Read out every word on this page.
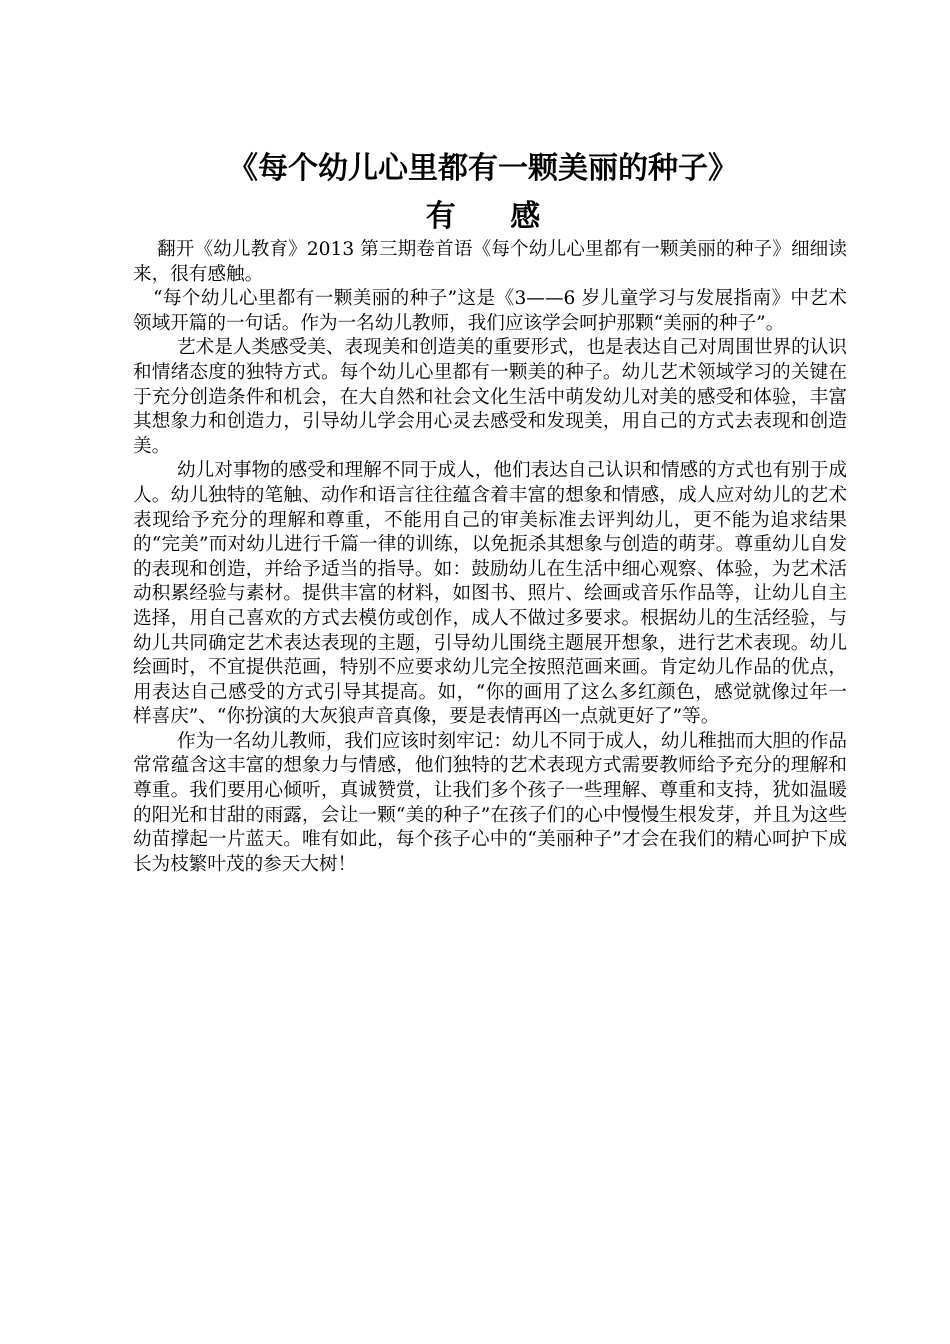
《每个幼儿心里都有一颗美丽的种子》
有 感

翻开《幼儿教育》2013 第三期卷首语《每个幼儿心里都有一颗美丽的种子》细细读来，很有感触。

“每个幼儿心里都有一颗美丽的种子”这是《3——6 岁儿童学习与发展指南》中艺术领域开篇的一句话。作为一名幼儿教师，我们应该学会呵护那颗“美丽的种子”。

艺术是人类感受美、表现美和创造美的重要形式，也是表达自己对周围世界的认识和情绪态度的独特方式。每个幼儿心里都有一颗美的种子。幼儿艺术领域学习的关键在于充分创造条件和机会，在大自然和社会文化生活中萌发幼儿对美的感受和体验，丰富其想象力和创造力，引导幼儿学会用心灵去感受和发现美，用自己的方式去表现和创造美。

幼儿对事物的感受和理解不同于成人，他们表达自己认识和情感的方式也有别于成人。幼儿独特的笔触、动作和语言往往蕴含着丰富的想象和情感，成人应对幼儿的艺术表现给予充分的理解和尊重，不能用自己的审美标准去评判幼儿，更不能为追求结果的“完美”而对幼儿进行千篇一律的训练，以免扼杀其想象与创造的萌芽。尊重幼儿自发的表现和创造，并给予适当的指导。如：鼓励幼儿在生活中细心观察、体验，为艺术活动积累经验与素材。提供丰富的材料，如图书、照片、绘画或音乐作品等，让幼儿自主选择，用自己喜欢的方式去模仿或创作，成人不做过多要求。根据幼儿的生活经验，与幼儿共同确定艺术表达表现的主题，引导幼儿围绕主题展开想象，进行艺术表现。幼儿绘画时，不宜提供范画，特别不应要求幼儿完全按照范画来画。肯定幼儿作品的优点，用表达自己感受的方式引导其提高。如，“你的画用了这么多红颜色，感觉就像过年一样喜庆”、“你扮演的大灰狼声音真像，要是表情再凶一点就更好了”等。

作为一名幼儿教师，我们应该时刻牢记：幼儿不同于成人，幼儿稚拙而大胆的作品常常蕴含这丰富的想象力与情感，他们独特的艺术表现方式需要教师给予充分的理解和尊重。我们要用心倾听，真诚赞赏，让我们多个孩子一些理解、尊重和支持，犹如温暖的阳光和甘甜的雨露，会让一颗“美的种子”在孩子们的心中慢慢生根发芽，并且为这些幼苗撑起一片蓝天。唯有如此，每个孩子心中的“美丽种子”才会在我们的精心呵护下成长为枝繁叶茂的参天大树！
